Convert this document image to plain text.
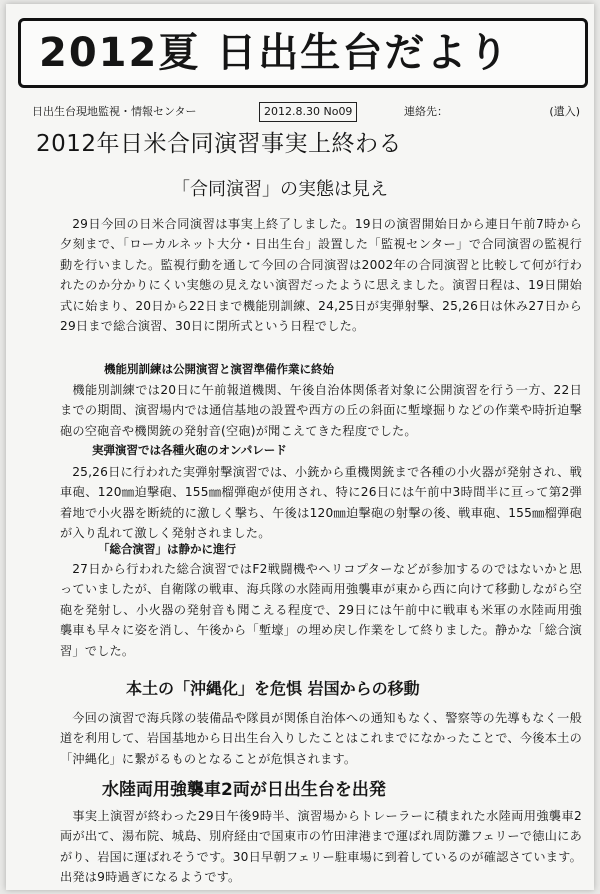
2012夏 日出生台だより
日出生台現地監視・情報センター	2012.8.30 No09	連絡先：	(遺入)
2012年日米合同演習事実上終わる
「合同演習」の実態は見え

29日今回の日米合同演習は事実上終了しました。19日の演習開始日から連日午前7時から夕刻まで、「ローカルネット大分・日出生台」設置した「監視センター」で合同演習の監視行動を行いました。監視行動を通して今回の合同演習は2002年の合同演習と比較して何が行われたのか分かりにくい実態の見えない演習だったように思えました。演習日程は、19日開始式に始まり、20日から22日まで機能別訓練、24,25日が実弾射撃、25,26日は休み27日から29日まで総合演習、30日に閉所式という日程でした。

機能別訓練は公開演習と演習準備作業に終始

機能別訓練では20日に午前報道機関、午後自治体関係者対象に公開演習を行う一方、22日までの期間、演習場内では通信基地の設置や西方の丘の斜面に塹壕掘りなどの作業や時折迫撃砲の空砲音や機関銃の発射音(空砲)が聞こえてきた程度でした。

実弾演習では各種火砲のオンパレード

25,26日に行われた実弾射撃演習では、小銃から重機関銃まで各種の小火器が発射され、戦車砲、120㎜迫撃砲、155㎜榴弾砲が使用され、特に26日には午前中3時間半に亘って第2弾着地で小火器を断続的に激しく撃ち、午後は120㎜迫撃砲の射撃の後、戦車砲、155㎜榴弾砲が入り乱れて激しく発射されました。

「総合演習」は静かに進行

27日から行われた総合演習ではF2戦闘機やヘリコプターなどが参加するのではないかと思っていましたが、自衛隊の戦車、海兵隊の水陸両用強襲車が東から西に向けて移動しながら空砲を発射し、小火器の発射音も聞こえる程度で、29日には午前中に戦車も米軍の水陸両用強襲車も早々に姿を消し、午後から「塹壕」の埋め戻し作業をして終りました。静かな「総合演習」でした。

本土の「沖縄化」を危惧 岩国からの移動

今回の演習で海兵隊の装備品や隊員が関係自治体への通知もなく、警察等の先導もなく一般道を利用して、岩国基地から日出生台入りしたことはこれまでになかったことで、今後本土の「沖縄化」に繋がるものとなることが危惧されます。

水陸両用強襲車2両が日出生台を出発

事実上演習が終わった29日午後9時半、演習場からトレーラーに積まれた水陸両用強襲車2両が出て、湯布院、城島、別府経由で国東市の竹田津港まで運ばれ周防灘フェリーで徳山にあがり、岩国に運ばれそうです。30日早朝フェリー駐車場に到着しているのが確認さています。出発は9時過ぎになるようです。
